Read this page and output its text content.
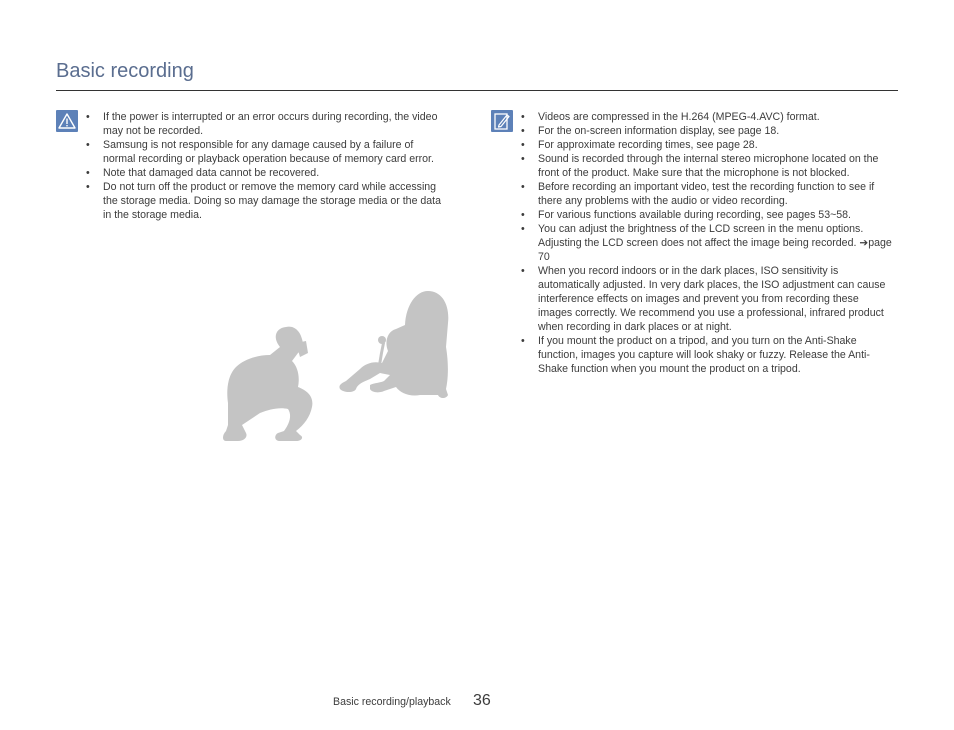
Basic recording
• If the power is interrupted or an error occurs during recording, the video may not be recorded.
• Samsung is not responsible for any damage caused by a failure of normal recording or playback operation because of memory card error.
• Note that damaged data cannot be recovered.
• Do not turn off the product or remove the memory card while accessing the storage media. Doing so may damage the storage media or the data in the storage media.
• Videos are compressed in the H.264 (MPEG-4.AVC) format.
• For the on-screen information display, see page 18.
• For approximate recording times, see page 28.
• Sound is recorded through the internal stereo microphone located on the front of the product. Make sure that the microphone is not blocked.
• Before recording an important video, test the recording function to see if there any problems with the audio or video recording.
• For various functions available during recording, see pages 53~58.
• You can adjust the brightness of the LCD screen in the menu options. Adjusting the LCD screen does not affect the image being recorded. ➔page 70
• When you record indoors or in the dark places, ISO sensitivity is automatically adjusted. In very dark places, the ISO adjustment can cause interference effects on images and prevent you from recording these images correctly. We recommend you use a professional, infrared product when recording in dark places or at night.
• If you mount the product on a tripod, and you turn on the Anti-Shake function, images you capture will look shaky or fuzzy. Release the Anti-Shake function when you mount the product on a tripod.
Basic recording/playback 36
